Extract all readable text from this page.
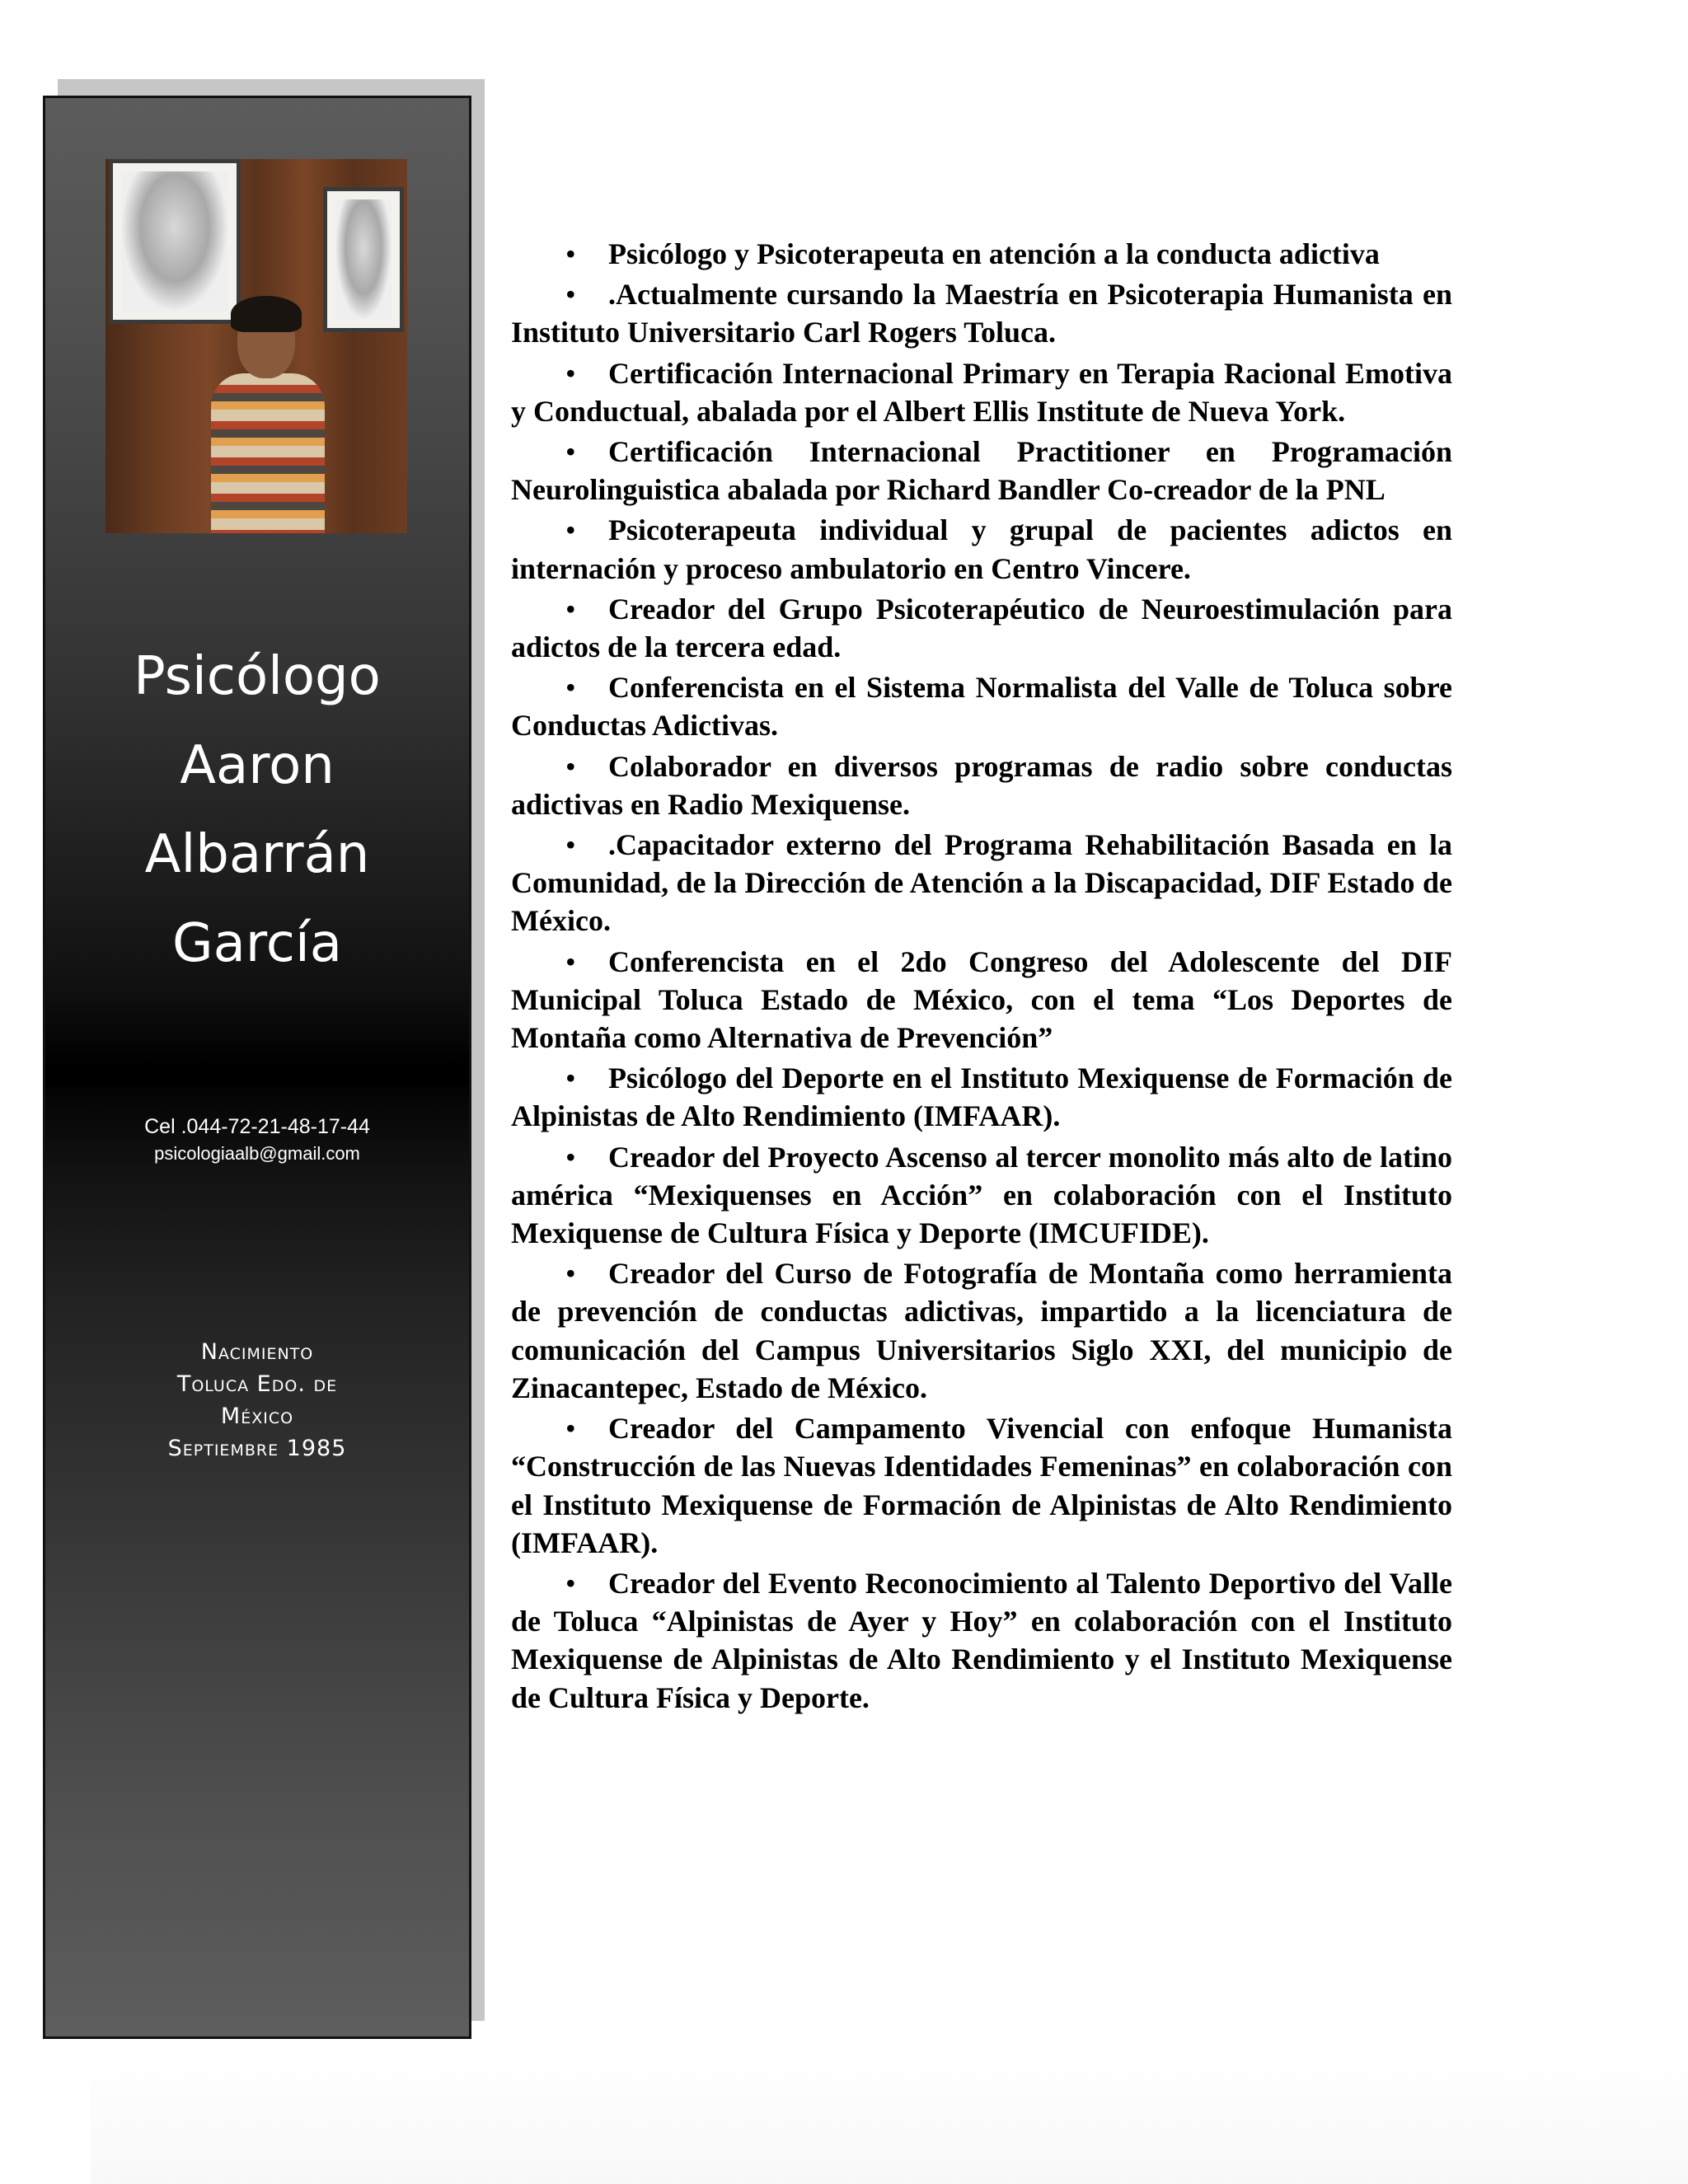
Psicólogo
Aaron
Albarrán
García
Cel .044-72-21-48-17-44
psicologiaalb@gmail.com
Nacimiento
Toluca Edo. de
México
Septiembre 1985
• Psicólogo y Psicoterapeuta en atención a la conducta adictiva
• .Actualmente cursando la Maestría en Psicoterapia Humanista en Instituto Universitario Carl Rogers Toluca.
• Certificación Internacional Primary en Terapia Racional Emotiva y Conductual, abalada por el Albert Ellis Institute de Nueva York.
• Certificación Internacional Practitioner en Programación Neurolinguistica abalada por Richard Bandler Co-creador de la PNL
• Psicoterapeuta individual y grupal de pacientes adictos en internación y proceso ambulatorio en Centro Vincere.
• Creador del Grupo Psicoterapéutico de Neuroestimulación para adictos de la tercera edad.
• Conferencista en el Sistema Normalista del Valle de Toluca sobre Conductas Adictivas.
• Colaborador en diversos programas de radio sobre conductas adictivas en Radio Mexiquense.
• .Capacitador externo del Programa Rehabilitación Basada en la Comunidad, de la Dirección de Atención a la Discapacidad, DIF Estado de México.
• Conferencista en el 2do Congreso del Adolescente del DIF Municipal Toluca Estado de México, con el tema “Los Deportes de Montaña como Alternativa de Prevención”
• Psicólogo del Deporte en el Instituto Mexiquense de Formación de Alpinistas de Alto Rendimiento (IMFAAR).
• Creador del Proyecto Ascenso al tercer monolito más alto de latino américa “Mexiquenses en Acción” en colaboración con el Instituto Mexiquense de Cultura Física y Deporte (IMCUFIDE).
• Creador del Curso de Fotografía de Montaña como herramienta de prevención de conductas adictivas, impartido a la licenciatura de comunicación del Campus Universitarios Siglo XXI, del municipio de Zinacantepec, Estado de México.
• Creador del Campamento Vivencial con enfoque Humanista “Construcción de las Nuevas Identidades Femeninas” en colaboración con el Instituto Mexiquense de Formación de Alpinistas de Alto Rendimiento (IMFAAR).
• Creador del Evento Reconocimiento al Talento Deportivo del Valle de Toluca “Alpinistas de Ayer y Hoy” en colaboración con el Instituto Mexiquense de Alpinistas de Alto Rendimiento y el Instituto Mexiquense de Cultura Física y Deporte.
